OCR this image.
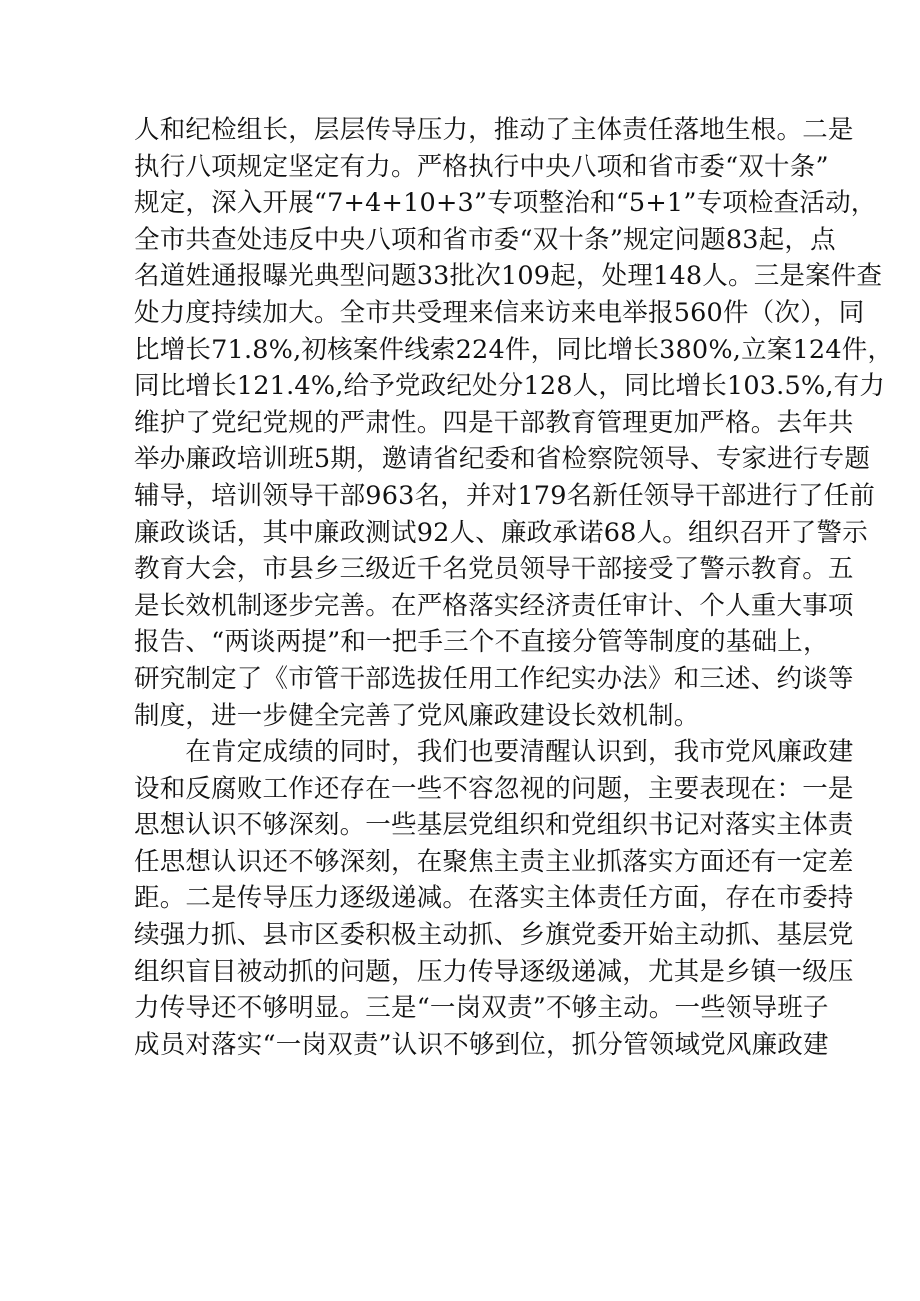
人和纪检组长，层层传导压力，推动了主体责任落地生根。二是
执行八项规定坚定有力。严格执行中央八项和省市委“双十条”
规定，深入开展“7+4+10+3”专项整治和“5+1”专项检查活动，
全市共查处违反中央八项和省市委“双十条”规定问题83起，点
名道姓通报曝光典型问题33批次109起，处理148人。三是案件查
处力度持续加大。全市共受理来信来访来电举报560件（次），同
比增长71.8%,初核案件线索224件，同比增长380%,立案124件，
同比增长121.4%,给予党政纪处分128人，同比增长103.5%,有力
维护了党纪党规的严肃性。四是干部教育管理更加严格。去年共
举办廉政培训班5期，邀请省纪委和省检察院领导、专家进行专题
辅导，培训领导干部963名，并对179名新任领导干部进行了任前
廉政谈话，其中廉政测试92人、廉政承诺68人。组织召开了警示
教育大会，市县乡三级近千名党员领导干部接受了警示教育。五
是长效机制逐步完善。在严格落实经济责任审计、个人重大事项
报告、“两谈两提”和一把手三个不直接分管等制度的基础上，
研究制定了《市管干部选拔任用工作纪实办法》和三述、约谈等
制度，进一步健全完善了党风廉政建设长效机制。
　　在肯定成绩的同时，我们也要清醒认识到，我市党风廉政建
设和反腐败工作还存在一些不容忽视的问题，主要表现在：一是
思想认识不够深刻。一些基层党组织和党组织书记对落实主体责
任思想认识还不够深刻，在聚焦主责主业抓落实方面还有一定差
距。二是传导压力逐级递减。在落实主体责任方面，存在市委持
续强力抓、县市区委积极主动抓、乡旗党委开始主动抓、基层党
组织盲目被动抓的问题，压力传导逐级递减，尤其是乡镇一级压
力传导还不够明显。三是“一岗双责”不够主动。一些领导班子
成员对落实“一岗双责”认识不够到位，抓分管领域党风廉政建
